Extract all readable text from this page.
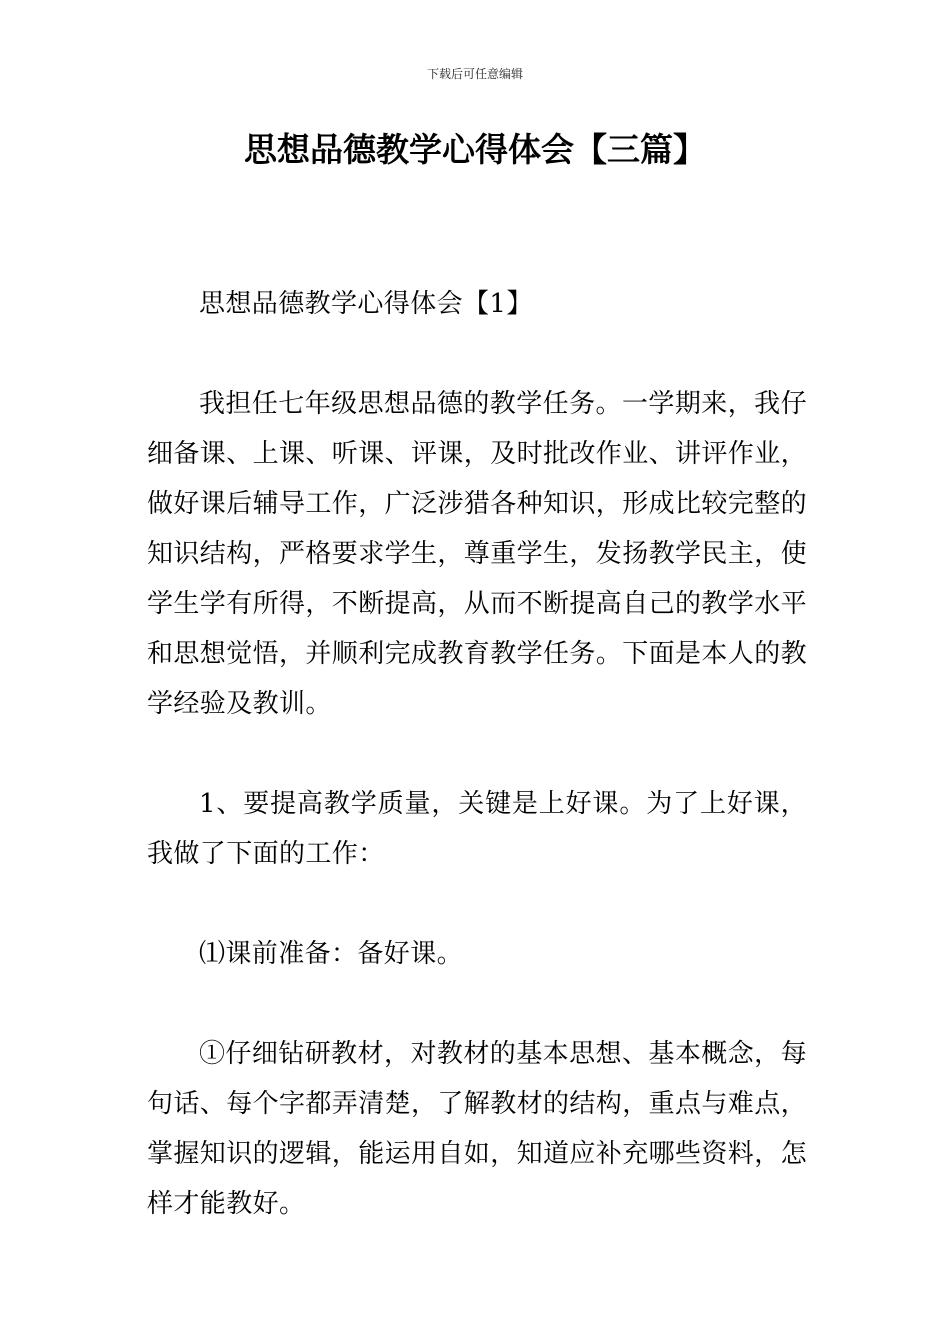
下载后可任意编辑
思想品德教学心得体会【三篇】

思想品德教学心得体会【1】

我担任七年级思想品德的教学任务。一学期来，我仔细备课、上课、听课、评课，及时批改作业、讲评作业，做好课后辅导工作，广泛涉猎各种知识，形成比较完整的知识结构，严格要求学生，尊重学生，发扬教学民主，使学生学有所得，不断提高，从而不断提高自己的教学水平和思想觉悟，并顺利完成教育教学任务。下面是本人的教学经验及教训。

1、要提高教学质量，关键是上好课。为了上好课，我做了下面的工作：

⑴课前准备：备好课。

①仔细钻研教材，对教材的基本思想、基本概念，每句话、每个字都弄清楚，了解教材的结构，重点与难点，掌握知识的逻辑，能运用自如，知道应补充哪些资料，怎样才能教好。
